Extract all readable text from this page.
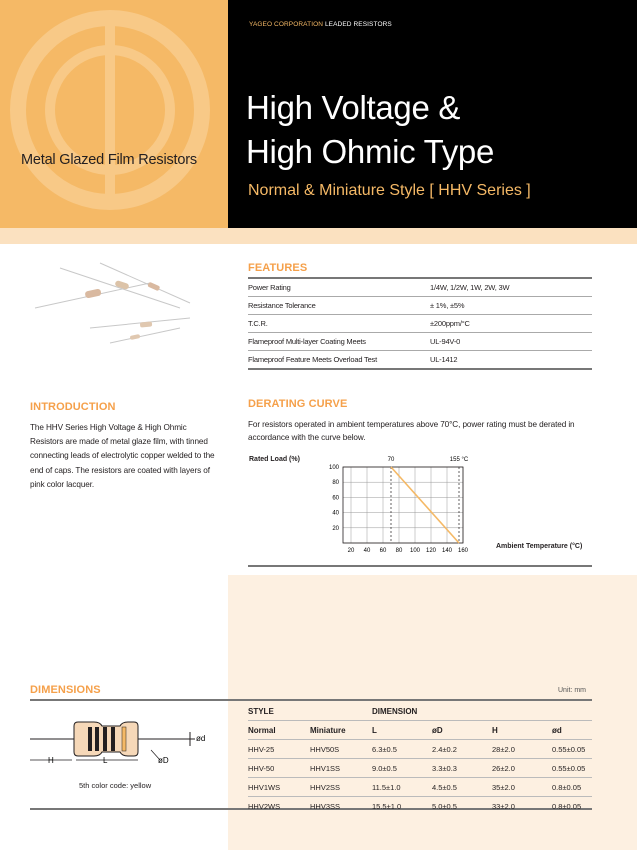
YAGEO CORPORATION LEADED RESISTORS
High Voltage &
High Ohmic Type
Normal & Miniature Style [ HHV Series ]
Metal Glazed Film Resistors
FEATURES
Power Rating	1/4W, 1/2W, 1W, 2W, 3W
Resistance Tolerance	± 1%, ±5%
T.C.R.	±200ppm/°C
Flameproof Multi-layer Coating Meets	UL-94V-0
Flameproof Feature Meets Overload Test	UL-1412
INTRODUCTION
The HHV Series High Voltage & High Ohmic Resistors are made of metal glaze film, with tinned connecting leads of electrolytic copper welded to the end of caps. The resistors are coated with layers of pink color lacquer.
DERATING CURVE
For resistors operated in ambient temperatures above 70°C, power rating must be derated in accordance with the curve below.
Rated Load (%)
Ambient Temperature (°C)
70	155 °C
20 40 60 80 100 120 140 160
20
40
60
80
100
DIMENSIONS	Unit: mm
H	L	øD
ød
5th color code: yellow
STYLE		DIMENSION			
Normal	Miniature	L	øD	H	ød
HHV-25	HHV50S	6.3±0.5	2.4±0.2	28±2.0	0.55±0.05
HHV-50	HHV1SS	9.0±0.5	3.3±0.3	26±2.0	0.55±0.05
HHV1WS	HHV2SS	11.5±1.0	4.5±0.5	35±2.0	0.8±0.05
HHV2WS	HHV3SS	15.5±1.0	5.0±0.5	33±2.0	0.8±0.05
